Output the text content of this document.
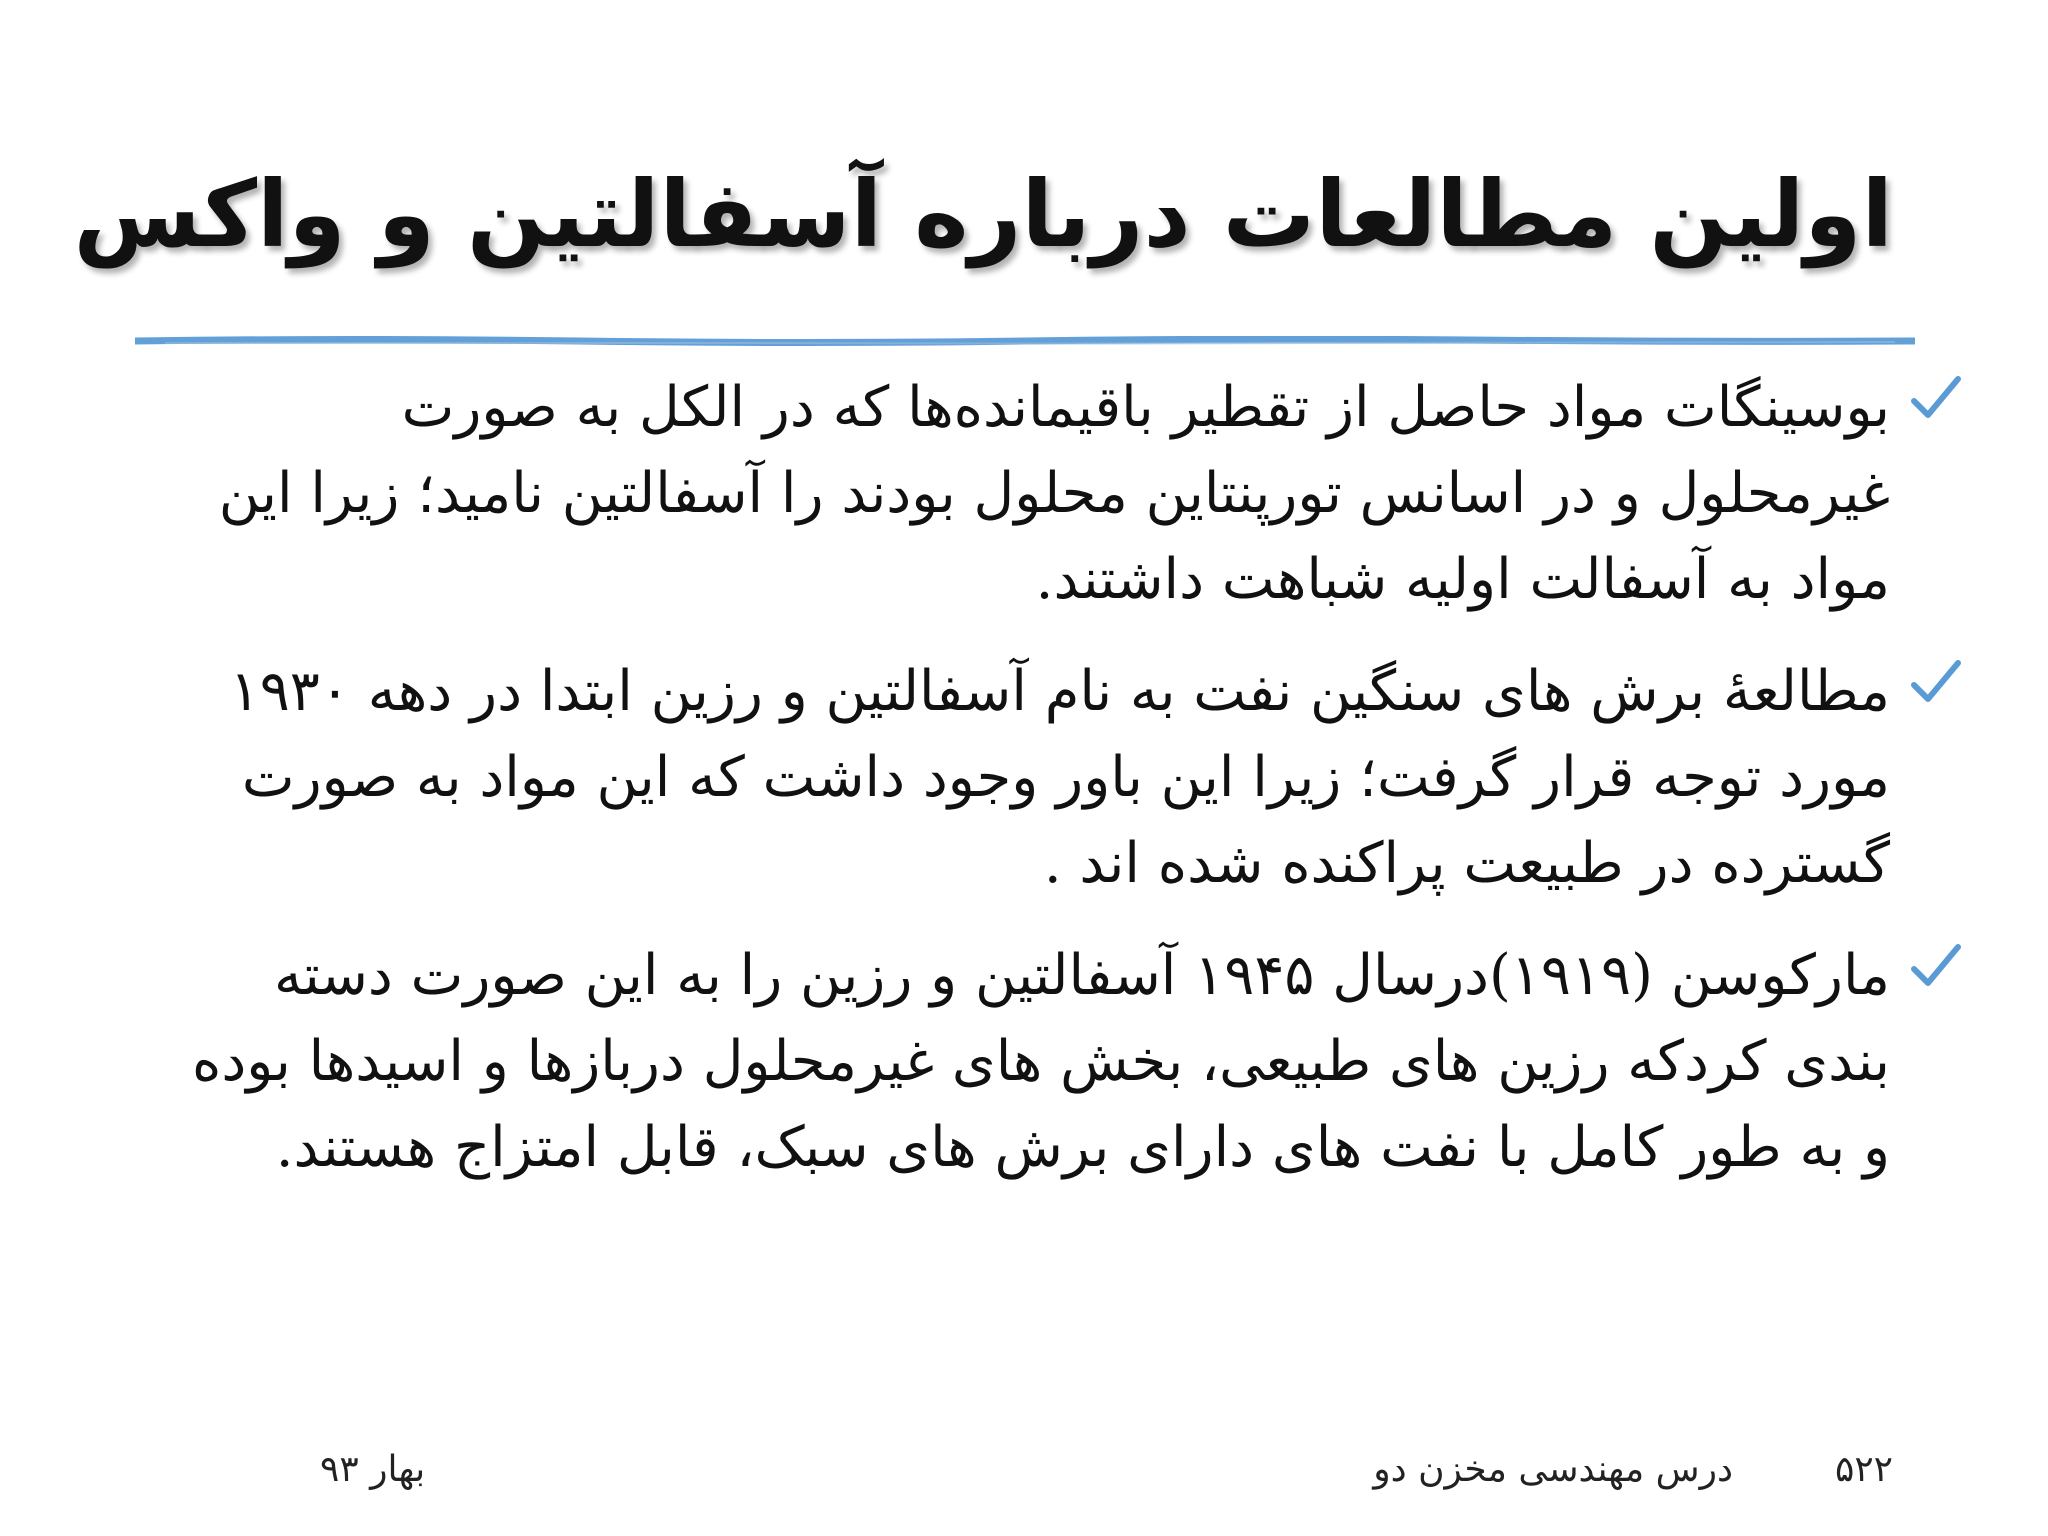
اولین مطالعات درباره آسفالتین و واکس
بوسینگات مواد حاصل از تقطیر باقیمانده‌ها که در الکل به صورت غیرمحلول و در اسانس تورپنتاین محلول بودند را آسفالتین نامید؛ زیرا این مواد به آسفالت اولیه شباهت داشتند.
مطالعهٔ برش های سنگین نفت به نام آسفالتین و رزین ابتدا در دهه ۱۹۳۰ مورد توجه قرار گرفت؛ زیرا این باور وجود داشت که این مواد به صورت گسترده در طبیعت پراکنده شده اند .
مارکوسن (۱۹۱۹)درسال ۱۹۴۵ آسفالتین و رزین را به این صورت دسته بندی کردکه رزین های طبیعی، بخش های غیرمحلول دربازها و اسیدها بوده و به طور کامل با نفت های دارای برش های سبک، قابل امتزاج هستند.
۵۲۲
درس مهندسی مخزن دو
بهار ۹۳
